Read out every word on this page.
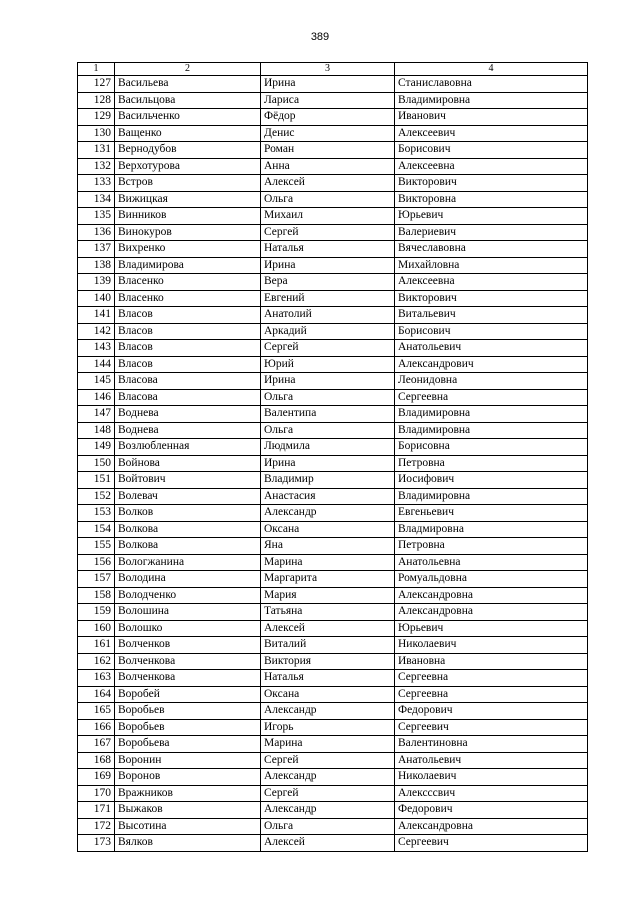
389
1	2	3	4
127	Васильева	Ирина	Станиславовна
128	Васильцова	Лариса	Владимировна
129	Васильченко	Фёдор	Иванович
130	Ващенко	Денис	Алексеевич
131	Вернодубов	Роман	Борисович
132	Верхотурова	Анна	Алексеевна
133	Встров	Алексей	Викторович
134	Вижицкая	Ольга	Викторовна
135	Винников	Михаил	Юрьевич
136	Винокуров	Сергей	Валериевич
137	Вихренко	Наталья	Вячеславовна
138	Владимирова	Ирина	Михайловна
139	Власенко	Вера	Алексеевна
140	Власенко	Евгений	Викторович
141	Власов	Анатолий	Витальевич
142	Власов	Аркадий	Борисович
143	Власов	Сергей	Анатольевич
144	Власов	Юрий	Александрович
145	Власова	Ирина	Леонидовна
146	Власова	Ольга	Сергеевна
147	Воднева	Валентипа	Владимировна
148	Воднева	Ольга	Владимировна
149	Возлюбленная	Людмила	Борисовна
150	Войнова	Ирина	Петровна
151	Войтович	Владимир	Иосифович
152	Волевач	Анастасия	Владимировна
153	Волков	Александр	Евгеньевич
154	Волкова	Оксана	Владмировна
155	Волкова	Яна	Петровна
156	Вологжанина	Марина	Анатольевна
157	Володина	Маргарита	Ромуальдовна
158	Володченко	Мария	Александровна
159	Волошина	Татьяна	Александровна
160	Волошко	Алексей	Юрьевич
161	Волченков	Виталий	Николаевич
162	Волченкова	Виктория	Ивановна
163	Волченкова	Наталья	Сергеевна
164	Воробей	Оксана	Сергеевна
165	Воробьев	Александр	Федорович
166	Воробьев	Игорь	Сергеевич
167	Воробьева	Марина	Валентиновна
168	Воронин	Сергей	Анатольевич
169	Воронов	Александр	Николаевич
170	Вражников	Сергей	Алексссвич
171	Выжаков	Александр	Федорович
172	Высотина	Ольга	Александровна
173	Вялков	Алексей	Сергеевич
